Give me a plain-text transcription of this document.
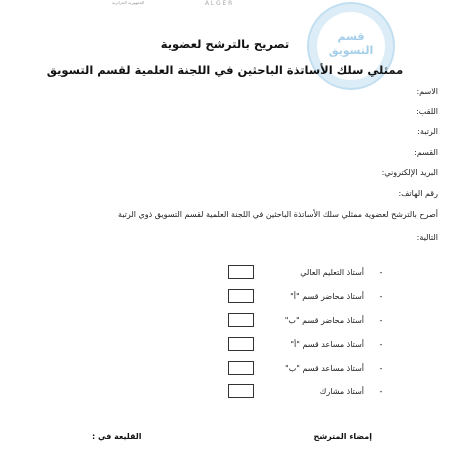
الجمهورية الجزائرية	ALGER
قسم
التسويق
تصريح بالترشح لعضوية
ممثلي سلك الأساتذة الباحثين في اللجنة العلمية لقسم التسويق
الاسم:
اللقب:
الرتبة:
القسم:
البريد الإلكتروني:
رقم الهاتف:
أصرح بالترشح لعضوية ممثلي سلك الأساتذة الباحثين في اللجنة العلمية لقسم التسويق ذوي الرتبة
التالية:
-
أستاذ التعليم العالي
-
أستاذ محاضر قسم "أ"
-
أستاذ محاضر قسم "ب"
-
أستاذ مساعد قسم "أ"
-
أستاذ مساعد قسم "ب"
-
أستاذ مشارك
إمضاء المترشح
القليعة في :
